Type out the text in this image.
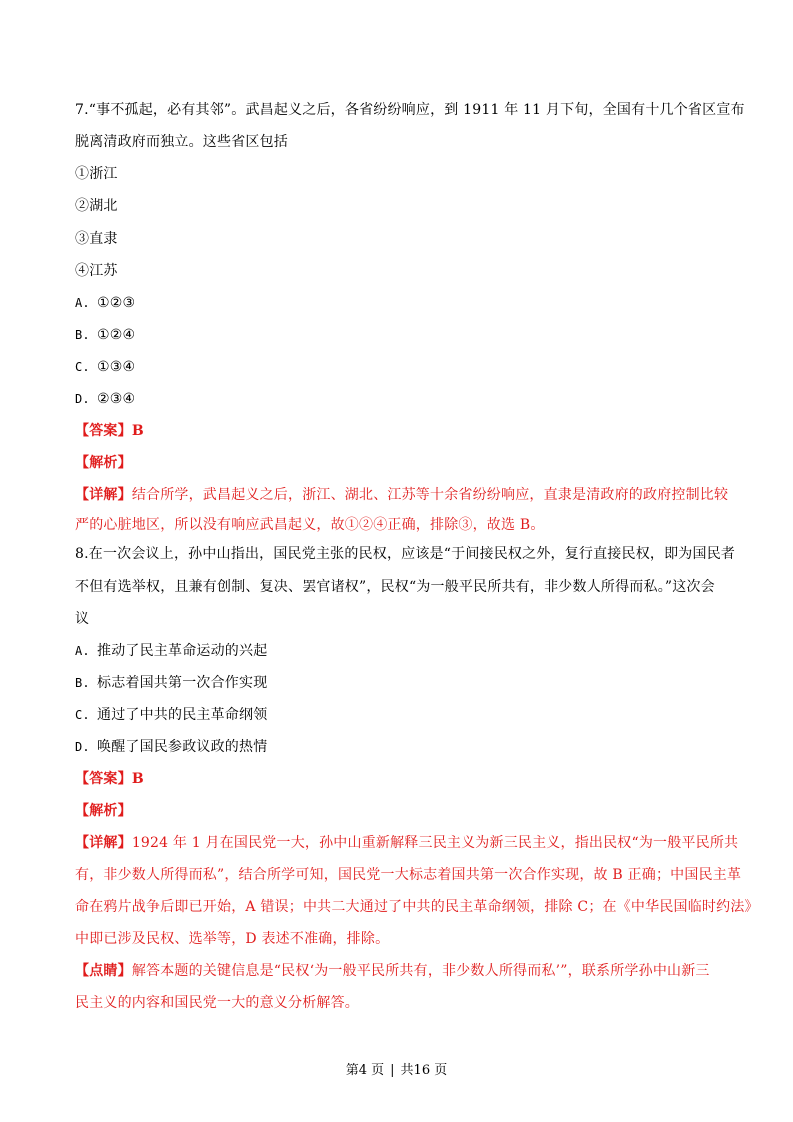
7.“事不孤起，必有其邻”。武昌起义之后，各省纷纷响应，到 1911 年 11 月下旬，全国有十几个省区宣布
脱离清政府而独立。这些省区包括
①浙江
②湖北
③直隶
④江苏
A. ①②③
B. ①②④
C. ①③④
D. ②③④
【答案】B
【解析】
【详解】结合所学，武昌起义之后，浙江、湖北、江苏等十余省纷纷响应，直隶是清政府的政府控制比较
严的心脏地区，所以没有响应武昌起义，故①②④正确，排除③，故选 B。
8.在一次会议上，孙中山指出，国民党主张的民权，应该是“于间接民权之外，复行直接民权，即为国民者
不但有选举权，且兼有创制、复决、罢官诸权”，民权“为一般平民所共有，非少数人所得而私。”这次会
议
A. 推动了民主革命运动的兴起
B. 标志着国共第一次合作实现
C. 通过了中共的民主革命纲领
D. 唤醒了国民参政议政的热情
【答案】B
【解析】
【详解】1924 年 1 月在国民党一大，孙中山重新解释三民主义为新三民主义，指出民权“为一般平民所共
有，非少数人所得而私”，结合所学可知，国民党一大标志着国共第一次合作实现，故 B 正确；中国民主革
命在鸦片战争后即已开始，A 错误；中共二大通过了中共的民主革命纲领，排除 C；在《中华民国临时约法》
中即已涉及民权、选举等，D 表述不准确，排除。
【点睛】解答本题的关键信息是“民权‘为一般平民所共有，非少数人所得而私’”，联系所学孙中山新三
民主义的内容和国民党一大的意义分析解答。
第4 页 | 共16 页
